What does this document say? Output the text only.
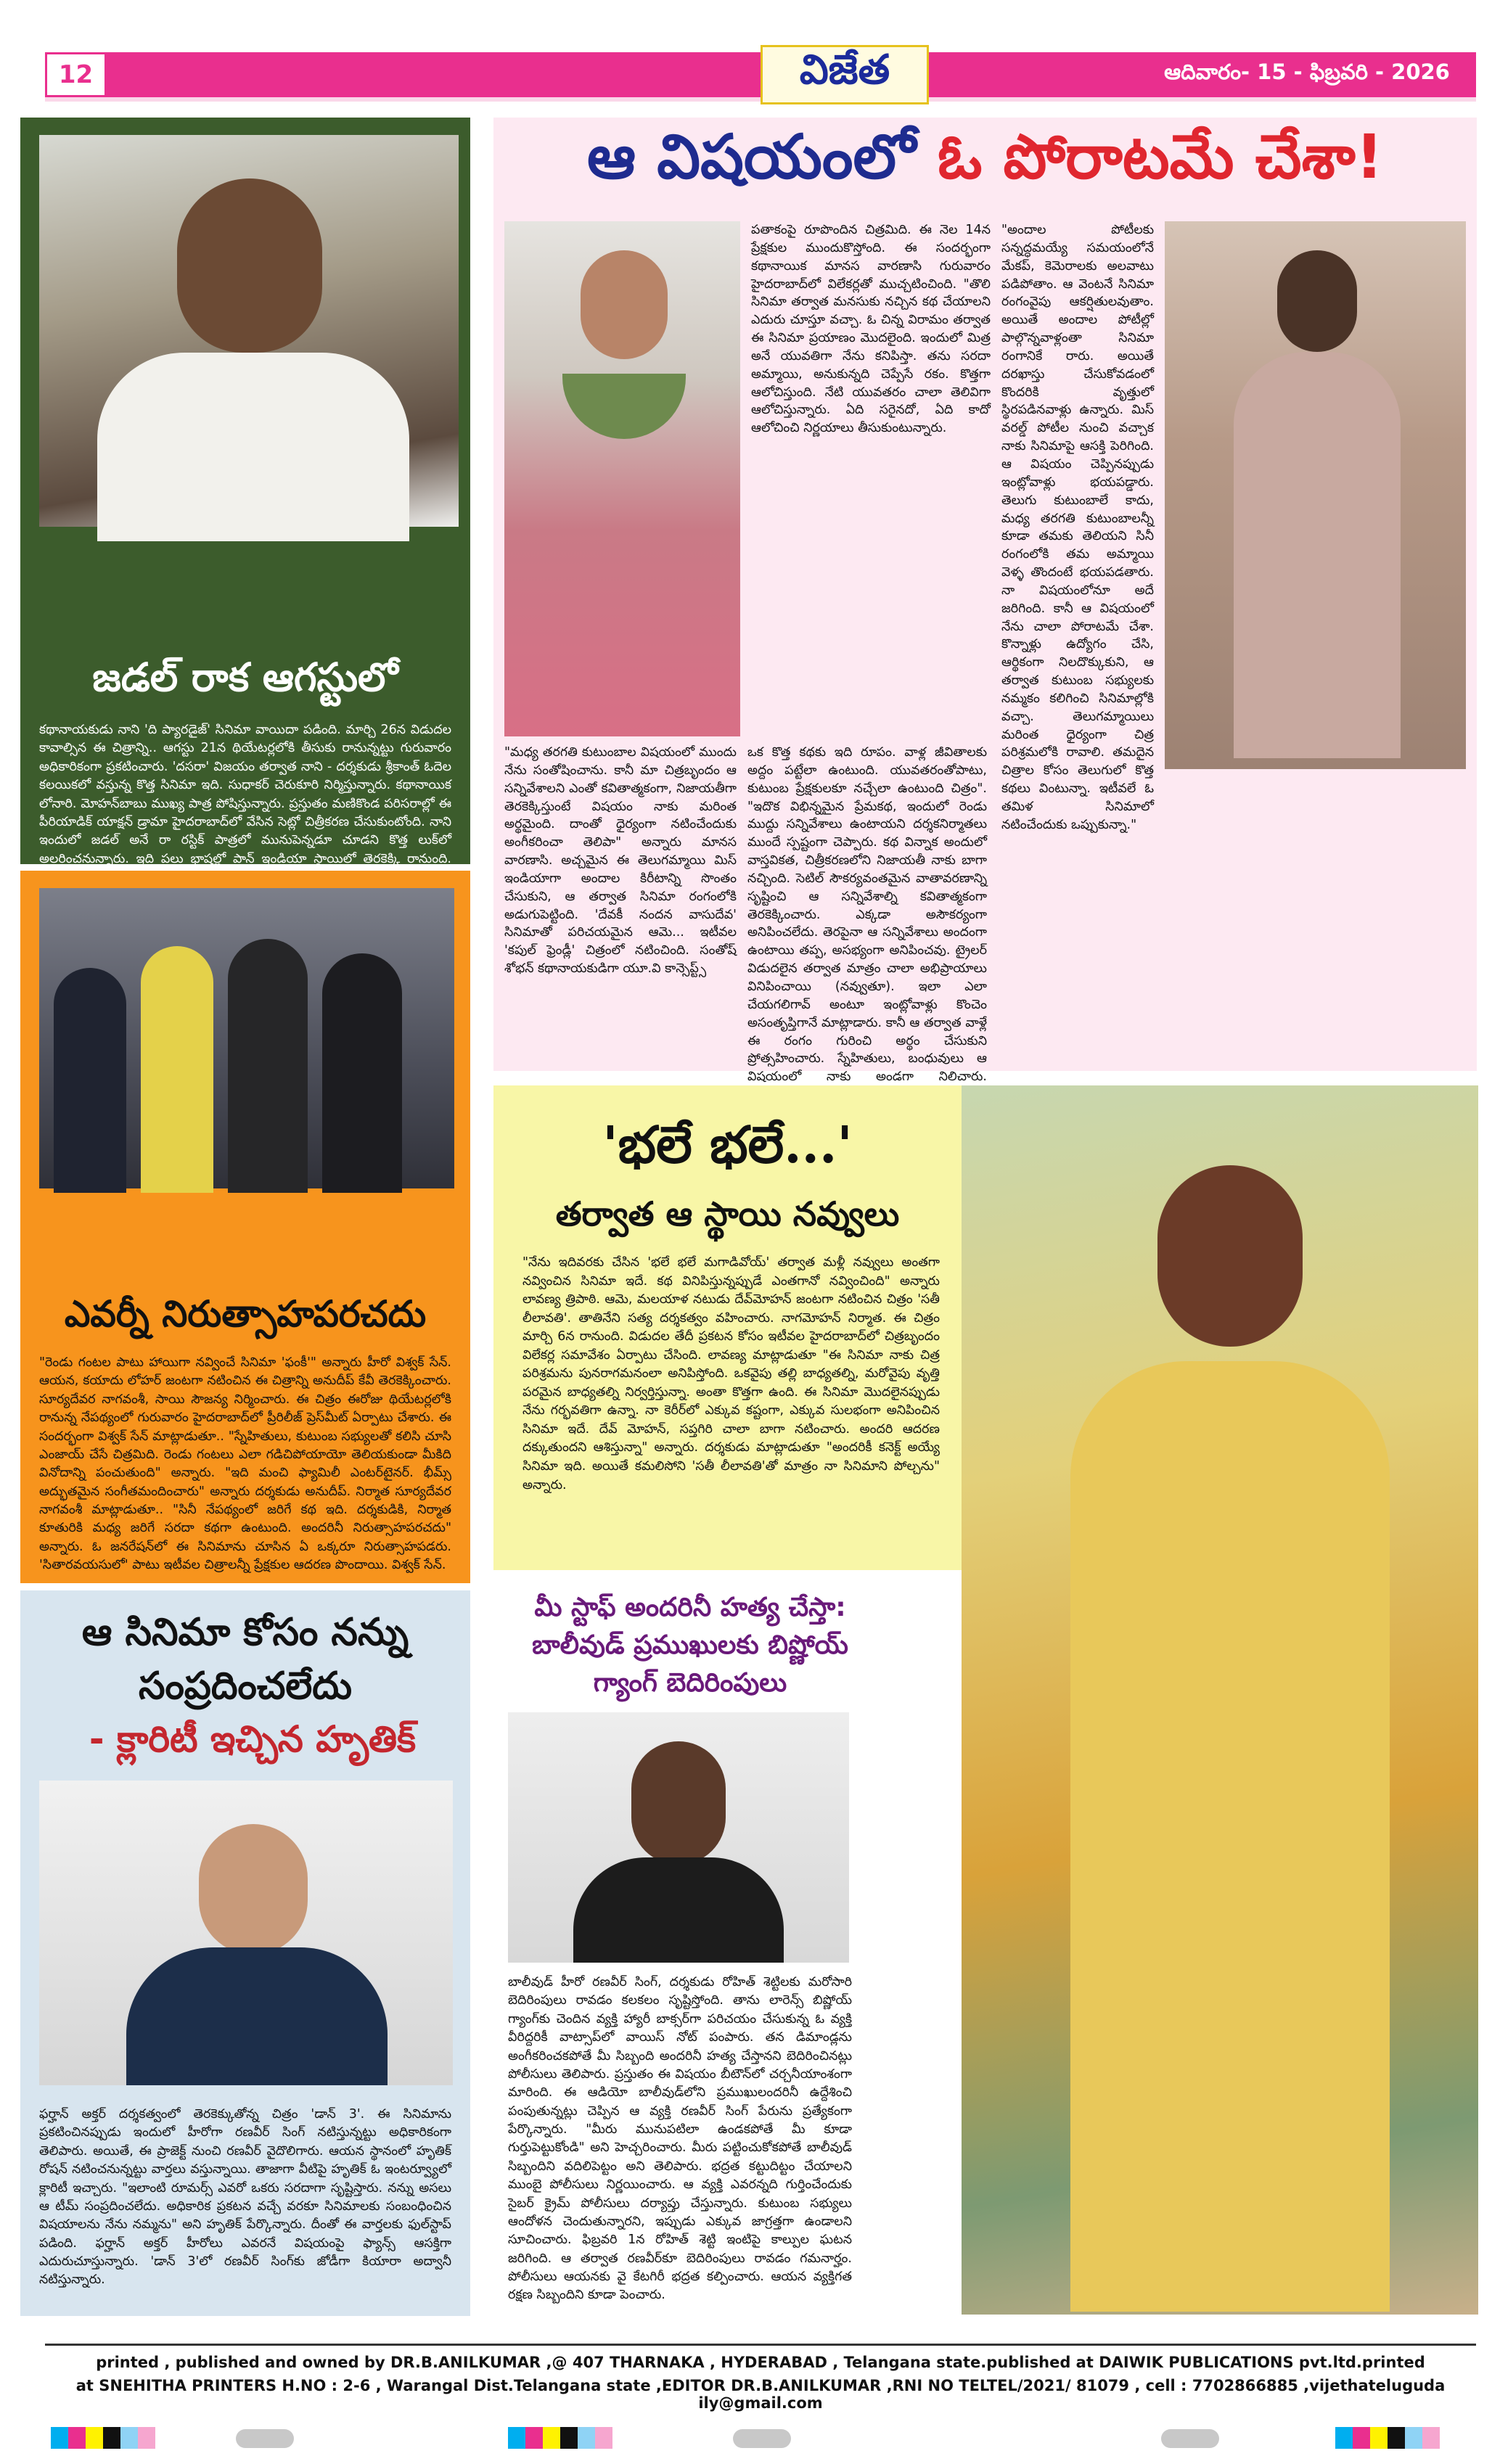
12	విజేత	ఆదివారం- 15 - ఫిబ్రవరి - 2026
జడల్ రాక ఆగస్టులో
కథానాయకుడు నాని 'ది ప్యారడైజ్' సినిమా వాయిదా పడింది. మార్చి 26న విడుదల కావాల్సిన ఈ చిత్రాన్ని.. ఆగస్టు 21న థియేటర్లలోకి తీసుకు రానున్నట్టు గురువారం అధికారికంగా ప్రకటించారు. 'దసరా' విజయం తర్వాత నాని - దర్శకుడు శ్రీకాంత్ ఓదెల కలయికలో వస్తున్న కొత్త సినిమా ఇది. సుధాకర్ చెరుకూరి నిర్మిస్తున్నారు. కథానాయిక లోనారి. మోహన్‌బాబు ముఖ్య పాత్ర పోషిస్తున్నారు. ప్రస్తుతం మణికొండ పరిసరాల్లో ఈ పీరియాడిక్ యాక్షన్ డ్రామా హైదరాబాద్‌లో వేసిన సెట్లో చిత్రీకరణ చేసుకుంటోంది. నాని ఇందులో జడల్ అనే రా రస్టిక్ పాత్రలో మునుపెన్నడూ చూడని కొత్త లుక్‌లో అలరించనున్నారు. ఇది పలు భాషల్లో పాన్ ఇండియా స్థాయిలో తెరకెక్కి రానుంది.
ఎవర్నీ నిరుత్సాహపరచదు
"రెండు గంటల పాటు హాయిగా నవ్వించే సినిమా 'ఫంకీ'" అన్నారు హీరో విశ్వక్ సేన్. ఆయన, కయాదు లోహర్ జంటగా నటించిన ఈ చిత్రాన్ని అనుదీప్ కేవీ తెరకెక్కించారు. సూర్యదేవర నాగవంశీ, సాయి సౌజన్య నిర్మించారు. ఈ చిత్రం ఈరోజు థియేటర్లలోకి రానున్న నేపథ్యంలో గురువారం హైదరాబాద్‌లో ప్రీరిలీజ్ ప్రెస్‌మీట్ ఏర్పాటు చేశారు. ఈ సందర్భంగా విశ్వక్ సేన్ మాట్లాడుతూ.. "స్నేహితులు, కుటుంబ సభ్యులతో కలిసి చూసి ఎంజాయ్ చేసే చిత్రమిది. రెండు గంటలు ఎలా గడిచిపోయాయో తెలియకుండా మీకిది వినోదాన్ని పంచుతుంది" అన్నారు. "ఇది మంచి ఫ్యామిలీ ఎంటర్‌టైనర్. భీమ్స్ అద్భుతమైన సంగీతమందించారు" అన్నారు దర్శకుడు అనుదీప్. నిర్మాత సూర్యదేవర నాగవంశీ మాట్లాడుతూ.. "సినీ నేపథ్యంలో జరిగే కథ ఇది. దర్శకుడికి, నిర్మాత కూతురికి మధ్య జరిగే సరదా కథగా ఉంటుంది. అందరినీ నిరుత్సాహపరచదు" అన్నారు. ఓ జనరేషన్‌లో ఈ సినిమాను చూసిన ఏ ఒక్కరూ నిరుత్సాహపడరు. 'సితారవయసులో' పాటు ఇటీవల చిత్రాలన్నీ ప్రేక్షకుల ఆదరణ పొందాయి. విశ్వక్ సేన్.
ఆ సినిమా కోసం నన్ను
సంప్రదించలేదు
- క్లారిటీ ఇచ్చిన హృతిక్
ఫర్హాన్ అక్తర్ దర్శకత్వంలో తెరకెక్కుతోన్న చిత్రం 'డాన్ 3'. ఈ సినిమాను ప్రకటించినప్పుడు ఇందులో హీరోగా రణవీర్ సింగ్ నటిస్తున్నట్టు అధికారికంగా తెలిపారు. అయితే, ఈ ప్రాజెక్ట్ నుంచి రణవీర్ వైదొలిగారు. ఆయన స్థానంలో హృతిక్ రోషన్ నటించనున్నట్టు వార్తలు వస్తున్నాయి. తాజాగా వీటిపై హృతిక్ ఓ ఇంటర్వ్యూలో క్లారిటీ ఇచ్చారు. "ఇలాంటి రూమర్స్ ఎవరో ఒకరు సరదాగా సృష్టిస్తారు. నన్ను అసలు ఆ టీమ్ సంప్రదించలేదు. అధికారిక ప్రకటన వచ్చే వరకూ సినిమాలకు సంబంధించిన విషయాలను నేను నమ్మను" అని హృతిక్ పేర్కొన్నారు. దీంతో ఈ వార్తలకు ఫుల్‌స్టాప్ పడింది. ఫర్హాన్ అక్తర్ హీరోలు ఎవరనే విషయంపై ఫ్యాన్స్ ఆసక్తిగా ఎదురుచూస్తున్నారు. 'డాన్ 3'లో రణవీర్ సింగ్‌కు జోడీగా కియారా అద్వానీ నటిస్తున్నారు.
ఆ విషయంలో ఓ పోరాటమే చేశా!
పతాకంపై రూపొందిన చిత్రమిది. ఈ నెల 14న ప్రేక్షకుల ముందుకొస్తోంది. ఈ సందర్భంగా కథానాయిక మానస వారణాసి గురువారం హైదరాబాద్‌లో విలేకర్లతో ముచ్చటించింది. "తొలి సినిమా తర్వాత మనసుకు నచ్చిన కథ చేయాలని ఎదురు చూస్తూ వచ్చా. ఓ చిన్న విరామం తర్వాత ఈ సినిమా ప్రయాణం మొదలైంది. ఇందులో మిత్ర అనే యువతిగా నేను కనిపిస్తా. తను సరదా అమ్మాయి, అనుకున్నది చెప్పేసే రకం. కొత్తగా ఆలోచిస్తుంది. నేటి యువతరం చాలా తెలివిగా ఆలోచిస్తున్నారు. ఏది సరైనదో, ఏది కాదో ఆలోచించి నిర్ణయాలు తీసుకుంటున్నారు.
"మధ్య తరగతి కుటుంబాల విషయంలో ముందు నేను సంతోషించాను. కానీ మా చిత్రబృందం ఆ సన్నివేశాలని ఎంతో కవితాత్మకంగా, నిజాయతీగా తెరకెక్కిస్తుంటే విషయం నాకు మరింత అర్థమైంది. దాంతో ధైర్యంగా నటించేందుకు అంగీకరించా తెలిపా" అన్నారు మానస వారణాసి. అచ్చమైన ఈ తెలుగమ్మాయి మిస్ ఇండియాగా అందాల కిరీటాన్ని సొంతం చేసుకుని, ఆ తర్వాత సినిమా రంగంలోకి అడుగుపెట్టింది. 'దేవకీ నందన వాసుదేవ' సినిమాతో పరిచయమైన ఆమె... ఇటీవల 'కపుల్ ఫ్రెండ్లీ' చిత్రంలో నటించింది. సంతోష్ శోభన్ కథానాయకుడిగా యూ.వి కాన్సెప్ట్స్
ఒక కొత్త కథకు ఇది రూపం. వాళ్ల జీవితాలకు అద్దం పట్టేలా ఉంటుంది. యువతరంతోపాటు, కుటుంబ ప్రేక్షకులకూ నచ్చేలా ఉంటుంది చిత్రం". "ఇదొక విభిన్నమైన ప్రేమకథ, ఇందులో రెండు ముద్దు సన్నివేశాలు ఉంటాయని దర్శకనిర్మాతలు ముందే స్పష్టంగా చెప్పారు. కథ విన్నాక అందులో వాస్తవికత, చిత్రీకరణలోని నిజాయతీ నాకు బాగా నచ్చింది. సెటిల్ సౌకర్యవంతమైన వాతావరణాన్ని సృష్టించి ఆ సన్నివేశాల్ని కవితాత్మకంగా తెరకెక్కించారు. ఎక్కడా అసౌకర్యంగా అనిపించలేదు. తెరపైనా ఆ సన్నివేశాలు అందంగా ఉంటాయి తప్ప, అసభ్యంగా అనిపించవు. ట్రైలర్ విడుదలైన తర్వాత మాత్రం చాలా అభిప్రాయాలు వినిపించాయి (నవ్వుతూ). ఇలా ఎలా చేయగలిగావ్ అంటూ ఇంట్లోవాళ్లు కొంచెం అసంతృప్తిగానే మాట్లాడారు. కానీ ఆ తర్వాత వాళ్లే ఈ రంగం గురించి అర్థం చేసుకుని ప్రోత్సహించారు. స్నేహితులు, బంధువులు ఆ విషయంలో నాకు అండగా నిలిచారు.
"అందాల పోటీలకు సన్నద్ధమయ్యే సమయంలోనే మేకప్, కెమెరాలకు అలవాటు పడిపోతాం. ఆ వెంటనే సినిమా రంగంవైపు ఆకర్షితులవుతాం. అయితే అందాల పోటీల్లో పాల్గొన్నవాళ్లంతా సినిమా రంగానికే రారు. అయితే దరఖాస్తు చేసుకోవడంలో కొందరికి వృత్తులో స్థిరపడినవాళ్లు ఉన్నారు. మిస్ వరల్డ్ పోటీల నుంచి వచ్చాక నాకు సినిమాపై ఆసక్తి పెరిగింది. ఆ విషయం చెప్పినప్పుడు ఇంట్లోవాళ్లు భయపడ్డారు. తెలుగు కుటుంబాలే కాదు, మధ్య తరగతి కుటుంబాలన్నీ కూడా తమకు తెలియని సినీ రంగంలోకి తమ అమ్మాయి వెళ్ళ తొందంటే భయపడతారు. నా విషయంలోనూ అదే జరిగింది. కానీ ఆ విషయంలో నేను చాలా పోరాటమే చేశా. కొన్నాళ్లు ఉద్యోగం చేసి, ఆర్థికంగా నిలదొక్కుకుని, ఆ తర్వాత కుటుంబ సభ్యులకు నమ్మకం కలిగించి సినిమాల్లోకి వచ్చా. తెలుగమ్మాయిలు మరింత ధైర్యంగా చిత్ర పరిశ్రమలోకి రావాలి. తమదైన చిత్రాల కోసం తెలుగులో కొత్త కథలు వింటున్నా. ఇటీవలే ఓ తమిళ సినిమాలో నటించేందుకు ఒప్పుకున్నా."
'భలే భలే...'
తర్వాత ఆ స్థాయి నవ్వులు
"నేను ఇదివరకు చేసిన 'భలే భలే మగాడివోయ్' తర్వాత మళ్లీ నవ్వులు అంతగా నవ్వించిన సినిమా ఇదే. కథ వినిపిస్తున్నప్పుడే ఎంతగానో నవ్వించింది" అన్నారు లావణ్య త్రిపాఠి. ఆమె, మలయాళ నటుడు దేవ్‌మోహన్ జంటగా నటించిన చిత్రం 'సతీ లీలావతి'. తాతినేని సత్య దర్శకత్వం వహించారు. నాగమోహన్ నిర్మాత. ఈ చిత్రం మార్చి 6న రానుంది. విడుదల తేదీ ప్రకటన కోసం ఇటీవల హైదరాబాద్‌లో చిత్రబృందం విలేకర్ల సమావేశం ఏర్పాటు చేసింది. లావణ్య మాట్లాడుతూ "ఈ సినిమా నాకు చిత్ర పరిశ్రమను పునరాగమనంలా అనిపిస్తోంది. ఒకవైపు తల్లి బాధ్యతల్ని, మరోవైపు వృత్తి పరమైన బాధ్యతల్ని నిర్వర్తిస్తున్నా. అంతా కొత్తగా ఉంది. ఈ సినిమా మొదలైనప్పుడు నేను గర్భవతిగా ఉన్నా. నా కెరీర్‌లో ఎక్కువ కష్టంగా, ఎక్కువ సులభంగా అనిపించిన సినిమా ఇదే. దేవ్ మోహన్, సప్తగిరి చాలా బాగా నటించారు. అందరి ఆదరణ దక్కుతుందని ఆశిస్తున్నా" అన్నారు. దర్శకుడు మాట్లాడుతూ "అందరికీ కనెక్ట్ అయ్యే సినిమా ఇది. అయితే కమలిసోని 'సతీ లీలావతి'తో మాత్రం నా సినిమాని పోల్చను" అన్నారు.
మీ స్టాఫ్ అందరినీ హత్య చేస్తా: బాలీవుడ్ ప్రముఖులకు బిష్ణోయ్ గ్యాంగ్ బెదిరింపులు
బాలీవుడ్ హీరో రణవీర్ సింగ్, దర్శకుడు రోహిత్ శెట్టిలకు మరోసారి బెదిరింపులు రావడం కలకలం సృష్టిస్తోంది. తాను లారెన్స్ బిష్ణోయ్ గ్యాంగ్‌కు చెందిన వ్యక్తి హ్యారీ బాక్సర్‌గా పరిచయం చేసుకున్న ఓ వ్యక్తి వీరిద్దరికీ వాట్సాప్‌లో వాయిస్ నోట్ పంపారు. తన డిమాండ్లను అంగీకరించకపోతే మీ సిబ్బంది అందరినీ హత్య చేస్తానని బెదిరించినట్లు పోలీసులు తెలిపారు. ప్రస్తుతం ఈ విషయం బీటౌన్‌లో చర్చనీయాంశంగా మారింది. ఈ ఆడియో బాలీవుడ్‌లోని ప్రముఖులందరినీ ఉద్దేశించి పంపుతున్నట్లు చెప్పిన ఆ వ్యక్తి రణవీర్ సింగ్ పేరును ప్రత్యేకంగా పేర్కొన్నారు. "మీరు మునుపటిలా ఉండకపోతే మీ కూడా గుర్తుపెట్టుకోండి" అని హెచ్చరించారు. మీరు పట్టించుకోకపోతే బాలీవుడ్ సిబ్బందిని వదిలిపెట్టం అని తెలిపారు. భద్రత కట్టుదిట్టం చేయాలని ముంబై పోలీసులు నిర్ణయించారు. ఆ వ్యక్తి ఎవరన్నది గుర్తించేందుకు సైబర్ క్రైమ్ పోలీసులు దర్యాప్తు చేస్తున్నారు. కుటుంబ సభ్యులు ఆందోళన చెందుతున్నారని, ఇప్పుడు ఎక్కువ జాగ్రత్తగా ఉండాలని సూచించారు. ఫిబ్రవరి 1న రోహిత్ శెట్టి ఇంటిపై కాల్పుల ఘటన జరిగింది. ఆ తర్వాత రణవీర్‌కూ బెదిరింపులు రావడం గమనార్హం. పోలీసులు ఆయనకు వై కేటగిరీ భద్రత కల్పించారు. ఆయన వ్యక్తిగత రక్షణ సిబ్బందిని కూడా పెంచారు.
printed , published and owned by DR.B.ANILKUMAR ,@ 407 THARNAKA , HYDERABAD , Telangana state.published at DAIWIK PUBLICATIONS pvt.ltd.printed
at SNEHITHA PRINTERS H.NO : 2-6 , Warangal Dist.Telangana state ,EDITOR DR.B.ANILKUMAR ,RNI NO TELTEL/2021/ 81079 , cell : 7702866885 ,vijethateluguda​ily@gmail.com
